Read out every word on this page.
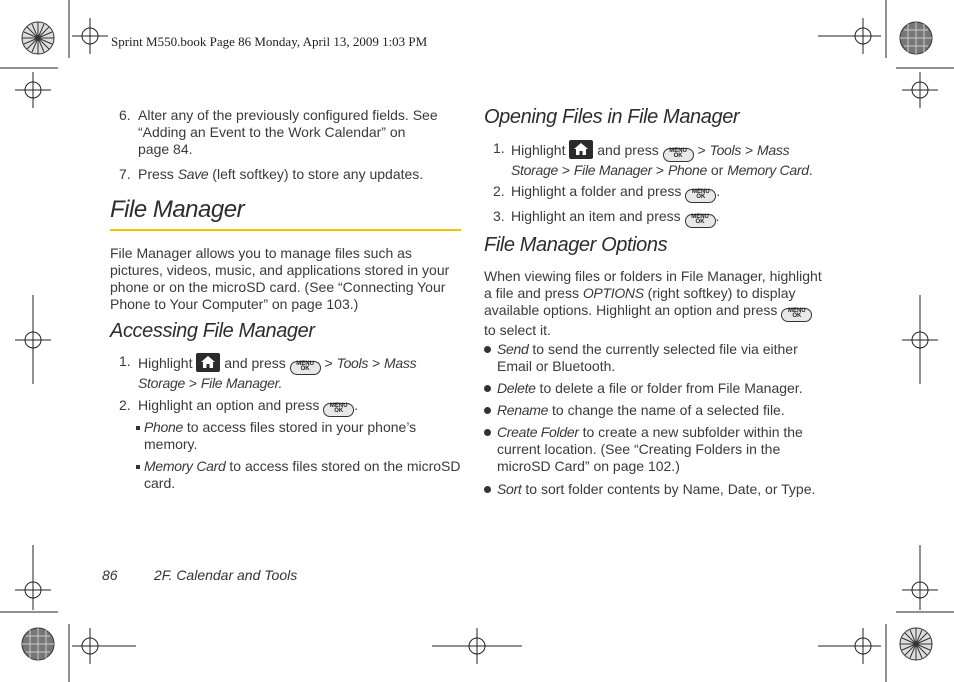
Sprint M550.book Page 86 Monday, April 13, 2009 1:03 PM
6. Alter any of the previously configured fields. See
“Adding an Event to the Work Calendar” on
page 84.
7. Press Save (left softkey) to store any updates.
File Manager
File Manager allows you to manage files such as
pictures, videos, music, and applications stored in your
phone or on the microSD card. (See “Connecting Your
Phone to Your Computer” on page 103.)
Accessing File Manager
1. Highlight and press	MENU
OK > Tools > Mass
Storage > File Manager.
2. Highlight an option and press	MENU
OK .
Phone to access files stored in your phone’s
memory.
Memory Card to access files stored on the microSD
card.
Opening Files in File Manager
1. Highlight and press	MENU
OK > Tools > Mass
Storage > File Manager > Phone or Memory Card.
2. Highlight a folder and press	MENU
OK .
3. Highlight an item and press	MENU
OK .
File Manager Options
When viewing files or folders in File Manager, highlight
a file and press OPTIONS (right softkey) to display
available options. Highlight an option and press	MENU
OK
to select it.
Send to send the currently selected file via either
Email or Bluetooth.
Delete to delete a file or folder from File Manager.
Rename to change the name of a selected file.
Create Folder to create a new subfolder within the
current location. (See “Creating Folders in the
microSD Card” on page 102.)
Sort to sort folder contents by Name, Date, or Type.
86	2F. Calendar and Tools
